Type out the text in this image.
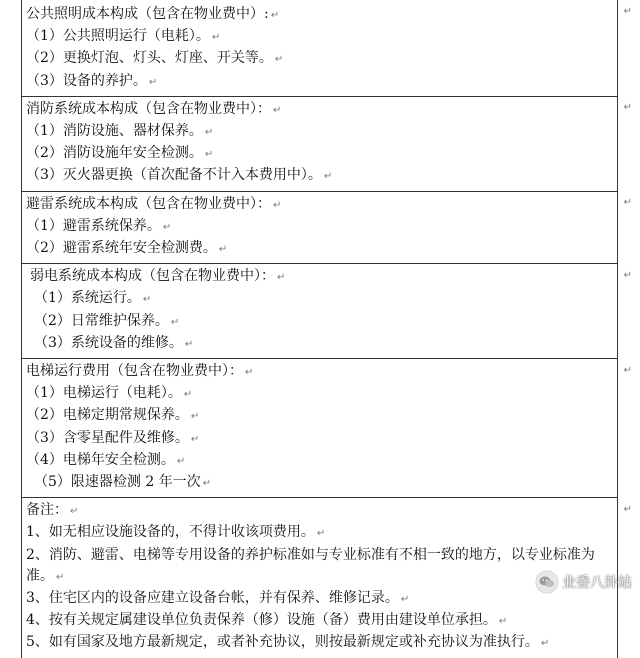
公共照明成本构成（包含在物业费中）: ↵
（1）公共照明运行（电耗）。 ↵
（2）更换灯泡、灯头、灯座、开关等。 ↵
（3）设备的养护。 ↵

消防系统成本构成（包含在物业费中）： ↵
（1）消防设施、器材保养。 ↵
（2）消防设施年安全检测。 ↵
（3）灭火器更换（首次配备不计入本费用中）。 ↵

避雷系统成本构成（包含在物业费中）： ↵
（1）避雷系统保养。 ↵
（2）避雷系统年安全检测费。 ↵

弱电系统成本构成（包含在物业费中）： ↵
（1）系统运行。 ↵
（2）日常维护保养。 ↵
（3）系统设备的维修。 ↵

电梯运行费用（包含在物业费中）： ↵
（1）电梯运行（电耗）。 ↵
（2）电梯定期常规保养。 ↵
（3）含零星配件及维修。 ↵
（4）电梯年安全检测。 ↵
（5）限速器检测 2 年一次 ↵

备注： ↵
1、如无相应设施设备的，不得计收该项费用。 ↵
2、消防、避雷、电梯等专用设备的养护标准如与专业标准有不相一致的地方，以专业标准为准。 ↵
3、住宅区内的设备应建立设备台帐，并有保养、维修记录。 ↵
4、按有关规定属建设单位负责保养（修）设施（备）费用由建设单位承担。 ↵
5、如有国家及地方最新规定，或者补充协议，则按最新规定或补充协议为准执行。 ↵
业委八卦站
↵
↵
↵
↵
↵
↵
